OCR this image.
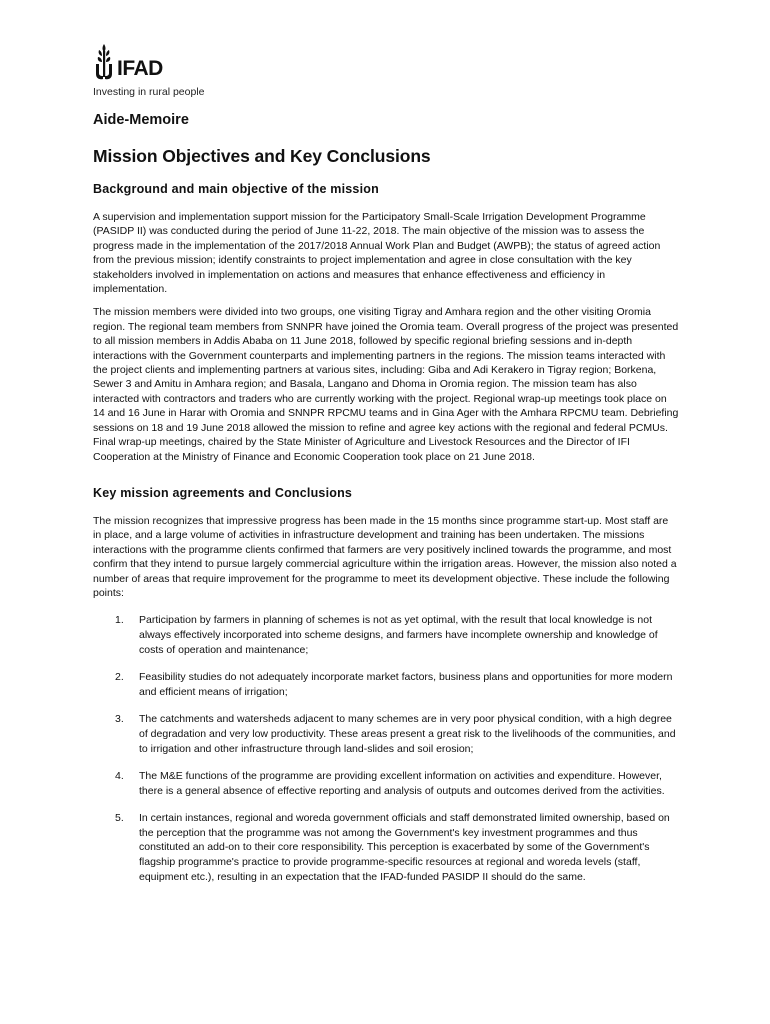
IFAD
Investing in rural people
Aide-Memoire
Mission Objectives and Key Conclusions
Background and main objective of the mission

A supervision and implementation support mission for the Participatory Small-Scale Irrigation Development Programme (PASIDP II) was conducted during the period of June 11-22, 2018. The main objective of the mission was to assess the progress made in the implementation of the 2017/2018 Annual Work Plan and Budget (AWPB); the status of agreed action from the previous mission; identify constraints to project implementation and agree in close consultation with the key stakeholders involved in implementation on actions and measures that enhance effectiveness and efficiency in implementation.

The mission members were divided into two groups, one visiting Tigray and Amhara region and the other visiting Oromia region. The regional team members from SNNPR have joined the Oromia team. Overall progress of the project was presented to all mission members in Addis Ababa on 11 June 2018, followed by specific regional briefing sessions and in-depth interactions with the Government counterparts and implementing partners in the regions. The mission teams interacted with the project clients and implementing partners at various sites, including: Giba and Adi Kerakero in Tigray region; Borkena, Sewer 3 and Amitu in Amhara region; and Basala, Langano and Dhoma in Oromia region. The mission team has also interacted with contractors and traders who are currently working with the project. Regional wrap-up meetings took place on 14 and 16 June in Harar with Oromia and SNNPR RPCMU teams and in Gina Ager with the Amhara RPCMU team. Debriefing sessions on 18 and 19 June 2018 allowed the mission to refine and agree key actions with the regional and federal PCMUs. Final wrap-up meetings, chaired by the State Minister of Agriculture and Livestock Resources and the Director of IFI Cooperation at the Ministry of Finance and Economic Cooperation took place on 21 June 2018.

Key mission agreements and Conclusions

The mission recognizes that impressive progress has been made in the 15 months since programme start-up. Most staff are in place, and a large volume of activities in infrastructure development and training has been undertaken. The missions interactions with the programme clients confirmed that farmers are very positively inclined towards the programme, and most confirm that they intend to pursue largely commercial agriculture within the irrigation areas. However, the mission also noted a number of areas that require improvement for the programme to meet its development objective. These include the following points:

1. Participation by farmers in planning of schemes is not as yet optimal, with the result that local knowledge is not always effectively incorporated into scheme designs, and farmers have incomplete ownership and knowledge of costs of operation and maintenance;
2. Feasibility studies do not adequately incorporate market factors, business plans and opportunities for more modern and efficient means of irrigation;
3. The catchments and watersheds adjacent to many schemes are in very poor physical condition, with a high degree of degradation and very low productivity. These areas present a great risk to the livelihoods of the communities, and to irrigation and other infrastructure through land-slides and soil erosion;
4. The M&E functions of the programme are providing excellent information on activities and expenditure. However, there is a general absence of effective reporting and analysis of outputs and outcomes derived from the activities.
5. In certain instances, regional and woreda government officials and staff demonstrated limited ownership, based on the perception that the programme was not among the Government's key investment programmes and thus constituted an add-on to their core responsibility. This perception is exacerbated by some of the Government's flagship programme's practice to provide programme-specific resources at regional and woreda levels (staff, equipment etc.), resulting in an expectation that the IFAD-funded PASIDP II should do the same.
